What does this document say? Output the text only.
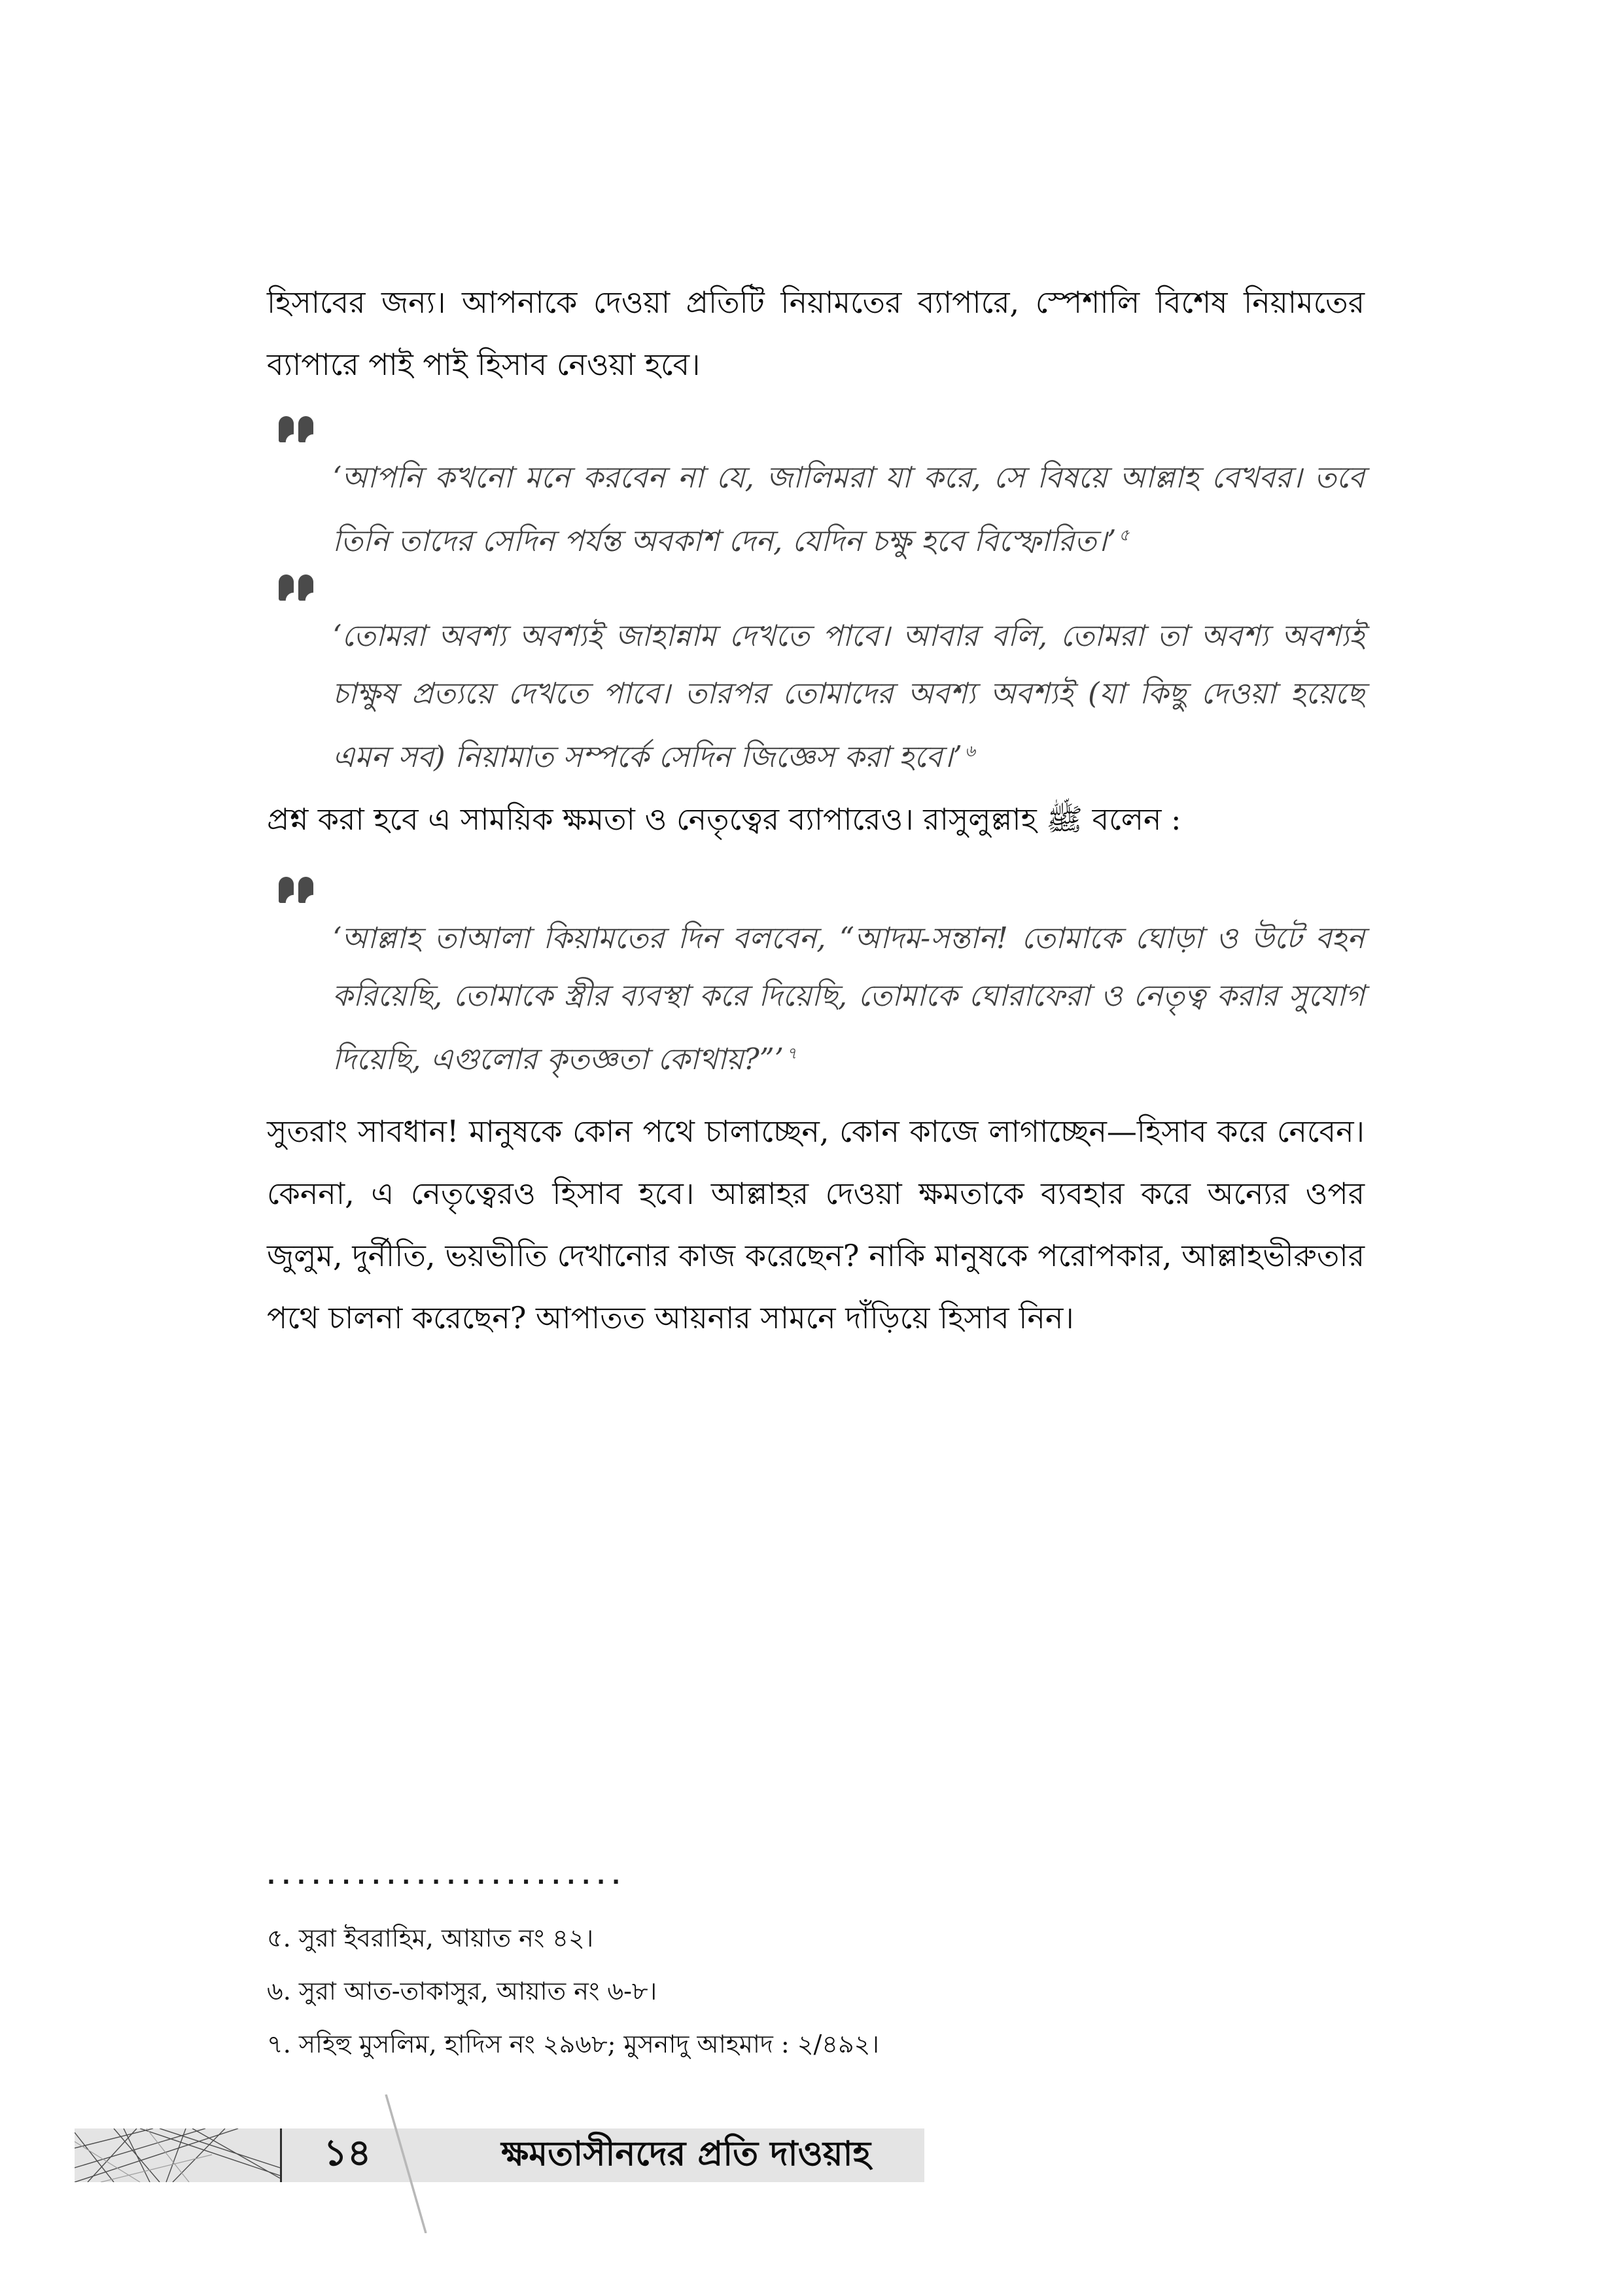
হিসাবের জন্য। আপনাকে দেওয়া প্রতিটি নিয়ামতের ব্যাপারে, স্পেশালি বিশেষ নিয়ামতের ব্যাপারে পাই পাই হিসাব নেওয়া হবে।

‘আপনি কখনো মনে করবেন না যে, জালিমরা যা করে, সে বিষয়ে আল্লাহ বেখবর। তবে তিনি তাদের সেদিন পর্যন্ত অবকাশ দেন, যেদিন চক্ষু হবে বিস্ফোরিত।’ $^৫$

‘তোমরা অবশ্য অবশ্যই জাহান্নাম দেখতে পাবে। আবার বলি, তোমরা তা অবশ্য অবশ্যই চাক্ষুষ প্রত্যয়ে দেখতে পাবে। তারপর তোমাদের অবশ্য অবশ্যই (যা কিছু দেওয়া হয়েছে এমন সব) নিয়ামাত সম্পর্কে সেদিন জিজ্ঞেস করা হবে।’ $^৬$

প্রশ্ন করা হবে এ সাময়িক ক্ষমতা ও নেতৃত্বের ব্যাপারেও। রাসুলুল্লাহ ﷺ বলেন :

‘আল্লাহ তাআলা কিয়ামতের দিন বলবেন, “আদম-সন্তান! তোমাকে ঘোড়া ও উটে বহন করিয়েছি, তোমাকে স্ত্রীর ব্যবস্থা করে দিয়েছি, তোমাকে ঘোরাফেরা ও নেতৃত্ব করার সুযোগ দিয়েছি, এগুলোর কৃতজ্ঞতা কোথায়?”’ $^৭$

সুতরাং সাবধান! মানুষকে কোন পথে চালাচ্ছেন, কোন কাজে লাগাচ্ছেন—হিসাব করে নেবেন। কেননা, এ নেতৃত্বেরও হিসাব হবে। আল্লাহর দেওয়া ক্ষমতাকে ব্যবহার করে অন্যের ওপর জুলুম, দুর্নীতি, ভয়ভীতি দেখানোর কাজ করেছেন? নাকি মানুষকে পরোপকার, আল্লাহভীরুতার পথে চালনা করেছেন? আপাতত আয়নার সামনে দাঁড়িয়ে হিসাব নিন।

........................

৫. সুরা ইবরাহিম, আয়াত নং ৪২।

৬. সুরা আত-তাকাসুর, আয়াত নং ৬-৮।

৭. সহিহু মুসলিম, হাদিস নং ২৯৬৮; মুসনাদু আহমাদ : ২/৪৯২।

১৪	ক্ষমতাসীনদের প্রতি দাওয়াহ
